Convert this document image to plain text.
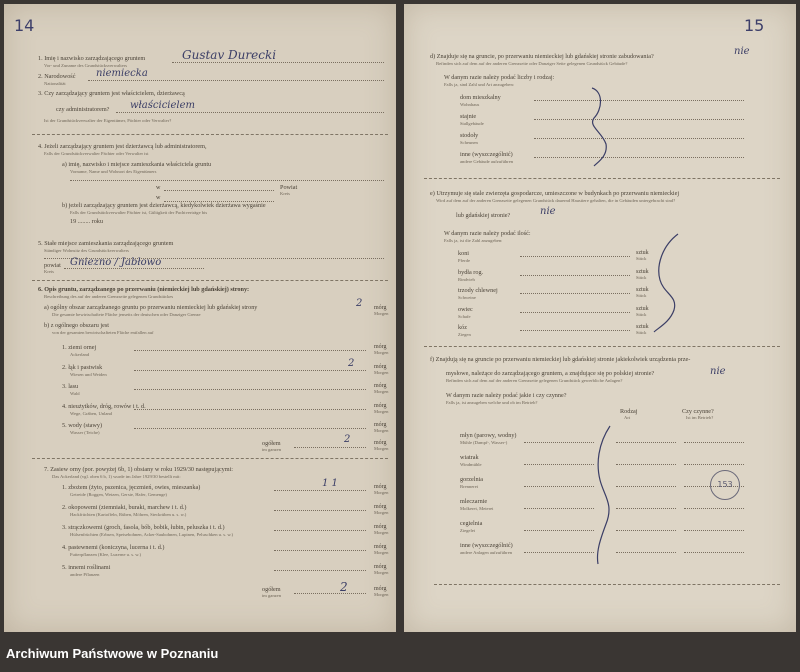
14
1. Imię i nazwisko zarządzającego gruntem
Vor- und Zuname des Grundstücksverwalters
Gustav Durecki
2. Narodowość
Nationalität
niemiecka
3. Czy zarządzający gruntem jest właścicielem, dzierżawcą
czy administratorem? właścicielem
Ist der Grundstückverwalter der Eigentümer, Pächter oder Verwalter?
4. Jeżeli zarządzający gruntem jest dzierżawcą lub administratorem,
Falls der Grundstückverwalter Pächter oder Verwalter ist
a) imię, nazwisko i miejsce zamieszkania właściciela gruntu
Vorname, Name und Wohnort des Eigentümers
w	Powiat
Kreis
w
b) jeżeli zarządzający gruntem jest dzierżawcą, kiedykolwiek dzierżawa wygaśnie
Falls der Grundstückverwalter Pächter ist, Gültigkeit der Pachtverträge bis
19 ........ roku
5. Stałe miejsce zamieszkania zarządzającego gruntem
Ständiger Wohnsitz des Grundstückverwalters
powiat
Kreis
Gniezno / Jabłowo
6. Opis gruntu, zarządzanego po przerwaniu (niemieckiej lub gdańskiej) strony:
Beschreibung des auf der anderen Grenzseite gelegenen Grundstückes
a) ogólny obszar zarządzanego gruntu po przerwaniu niemieckiej lub gdańskiej strony
Die gesamte bewirtschaftete Fläche jenseits der deutschen oder Danziger Grenze
2 mórg
Morgen
b) z ogólnego obszaru jest
von der gesamten bewirtschafteten Fläche entfallen auf
1. ziemi ornej
Ackerland
mórg
Morgen
2. łąk i pastwisk
Wiesen und Weiden
2	mórg
Morgen
3. lasu
Wald
mórg
Morgen
4. nieużytków, dróg, rowów i t. d.
Wege, Gräben, Unland
mórg
Morgen
5. wody (stawy)
Wasser (Teiche)
mórg
Morgen
ogółem
im ganzen
2	mórg
Morgen
7. Zasiew orny (por. powyżej 6b, 1) obsiany w roku 1929/30 następującymi:
Das Ackerland (vgl. oben 6 b, 1) wurde im Jahre 1929/30 bestellt mit:
1. zbożem (żyto, pszenica, jęczmień, owies, mieszanka)
Getreide (Roggen, Weizen, Gerste, Hafer, Gemenge)
1 1	mórg
Morgen
2. okopowemi (ziemniaki, buraki, marchew i t. d.)
Hackfrüchten (Kartoffeln, Rüben, Möhren, Steckrüben u. s. w.)
mórg
Morgen
3. strączkowemi (groch, fasola, bób, bobik, łubin, peluszka i t. d.)
Hülsenfrüchten (Erbsen, Speisebohnen, Acker-Saubohnen, Lupinen, Peluschken u. s. w.)
mórg
Morgen
4. pastewnemi (koniczyna, lucerna i t. d.)
Futterpflanzen (Klee, Luzerne u. s. w.)
mórg
Morgen
5. innemi roślinami
andere Pflanzen
mórg
Morgen
ogółem
im ganzen
2	mórg
Morgen
15
d) Znajduje się na gruncie, po przerwaniu niemieckiej lub gdańskiej stronie zabudowania?
Befinden sich auf dem auf der anderen Grenzseite oder Danziger Seite gelegenen Grundstück Gebäude?
nie
W danym razie należy podać liczby i rodzaj:
Falls ja, sind Zahl und Art anzugeben:
dom mieszkalny
Wohnhaus
stajnie
Stallgebäude
stodoły
Scheunen
inne (wyszczególnić)
andere Gebäude aufzuführen
e) Utrzymuje się stale zwierzęta gospodarcze, umieszczone w budynkach po przerwaniu niemieckiej
Wird auf dem auf der anderen Grenzseite gelegenen Grundstück dauernd Haustiere gehalten, die in Gebäuden untergebracht sind?
lub gdańskiej stronie?	nie
W danym razie należy podać ilość:
Falls ja, ist die Zahl anzugeben:
koni
Pferde
sztuk
Stück
bydła rog.
Rindvieh
sztuk
Stück
trzody chlewnej
Schweine
sztuk
Stück
owiec
Schafe
sztuk
Stück
kóz
Ziegen
sztuk
Stück
f) Znajdują się na gruncie po przerwaniu niemieckiej lub gdańskiej stronie jakiekolwiek urządzenia prze-
mysłowe, należące do zarządzającego gruntem, a znajdujące się po polskiej stronie?
Befinden sich auf dem auf der anderen Grenzseite gelegenen Grundstück gewerbliche Anlagen?
nie
W danym razie należy podać jakie i czy czynne?
Falls ja, ist anzugeben welche und ob im Betrieb?
Rodzaj
Art
Czy czynne?
Ist im Betrieb?
młyn (parowy, wodny)
Mühle (Dampf-, Wasser-)
wiatrak
Windmühle
gorzelnia
Brennerei
mleczarnie
Molkerei, Meierei
cegielnia
Ziegelei
inne (wyszczególnić)
andere Anlagen aufzuführen
153
Archiwum Państwowe w Poznaniu
